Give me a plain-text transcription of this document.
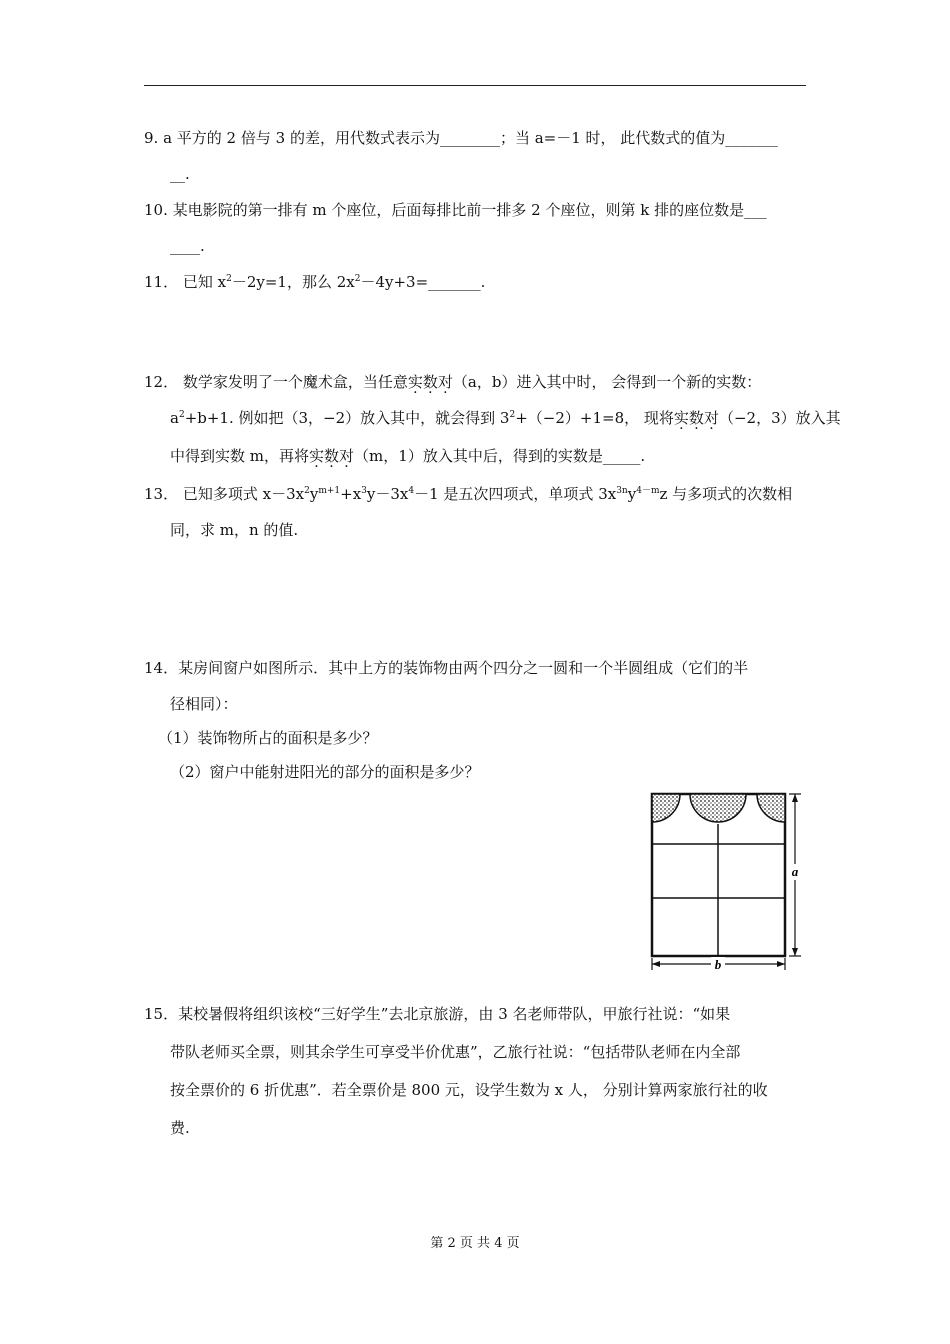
9. a 平方的 2 倍与 3 的差，用代数式表示为________；当 a=－1 时， 此代数式的值为_______
__.
10. 某电影院的第一排有 m 个座位，后面每排比前一排多 2 个座位，则第 k 排的座位数是___
____.
11． 已知 $x^2-2y=1$，那么 $2x^2-4y+3=\_\_\_\_\_\_\_$.
12． 数学家发明了一个魔术盒，当任意实数对（a，b）进入其中时， 会得到一个新的实数：
$a^2+b+1$. 例如把（3，−2）放入其中，就会得到 $3^2+(-2)+1=8$， 现将实数对（−2，3）放入其
中得到实数 m，再将实数对（m，1）放入其中后，得到的实数是_____.
13． 已知多项式 $x-3x^2y^{m+1}+x^3y-3x^4-1$ 是五次四项式，单项式 $3x^{3n}y^{4-m}z$ 与多项式的次数相
同，求 m，n 的值.
14．某房间窗户如图所示．其中上方的装饰物由两个四分之一圆和一个半圆组成（它们的半
径相同）：
（1）装饰物所占的面积是多少？
（2）窗户中能射进阳光的部分的面积是多少？
a
b
15．某校暑假将组织该校“三好学生”去北京旅游，由 3 名老师带队，甲旅行社说：“如果
带队老师买全票，则其余学生可享受半价优惠”，乙旅行社说：“包括带队老师在内全部
按全票价的 6 折优惠”．若全票价是 800 元，设学生数为 x 人， 分别计算两家旅行社的收
费.
第 2 页 共 4 页
